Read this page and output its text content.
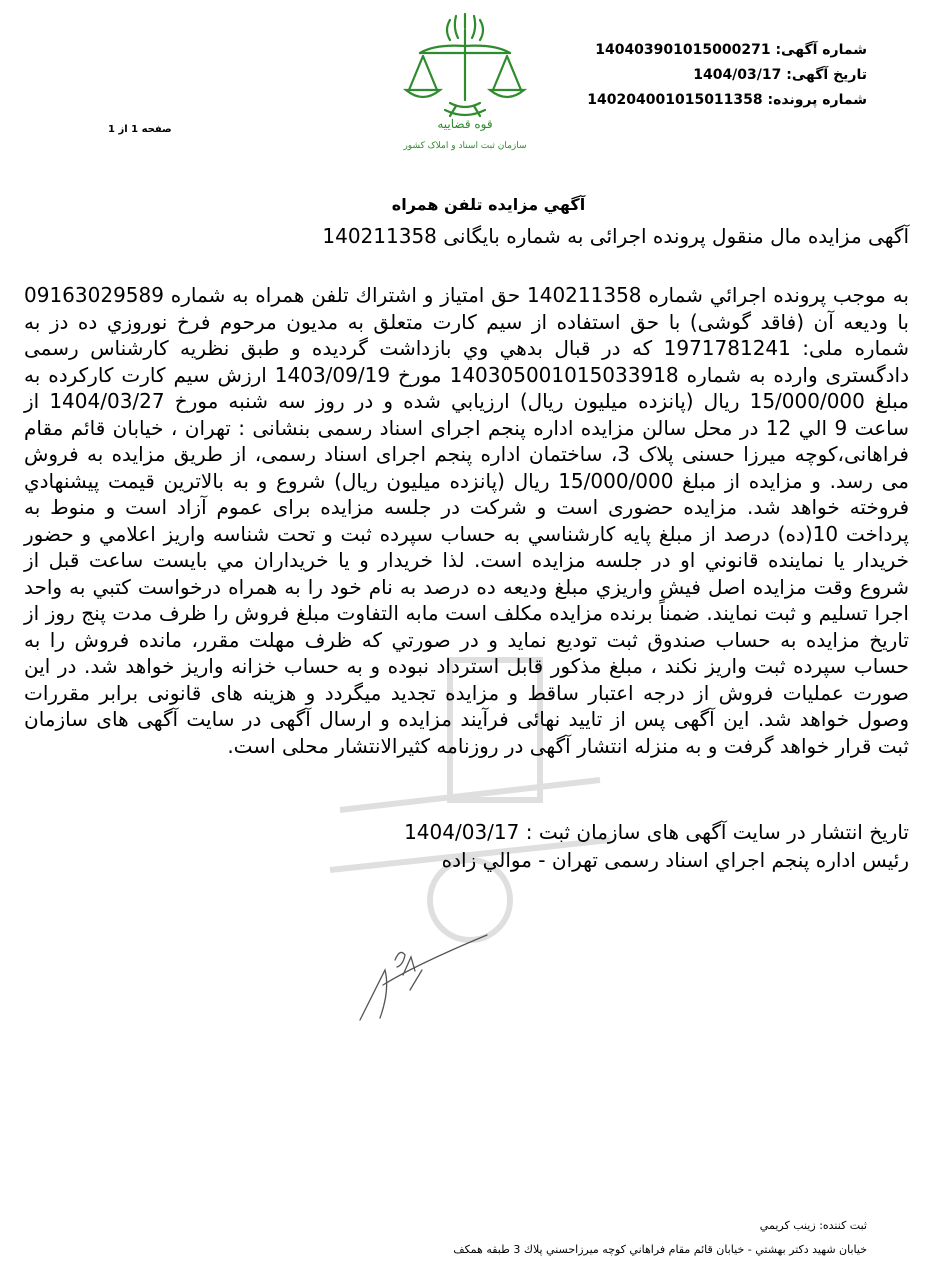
قوه قضاییه
سازمان ثبت اسناد و املاک کشور
شماره آگهی: 14040390101500027‌1
تاریخ آگهی: 1404/03/17
شماره پرونده: 140204001015011358
صفحه 1 از 1
آگهي مزايده تلفن همراه
آگهی مزایده مال منقول پرونده اجرائی به شماره بایگانی 140211358
به موجب پرونده اجرائي شماره 140211358 حق امتياز و اشتراك تلفن همراه به شماره 09163029589 با وديعه آن (فاقد گوشی) با حق استفاده از سیم کارت متعلق به مديون مرحوم فرخ نوروزي ده دز به شماره ملی: 1971781241 كه در قبال بدهي وي بازداشت گرديده و طبق نظريه كارشناس رسمی دادگستری وارده به شماره 140305001015033918 مورخ 1403/09/19 ارزش سیم کارت کارکرده به مبلغ 15/000/000 ريال (پانزده میلیون ریال) ارزيابي شده و در روز سه شنبه مورخ 1404/03/27 از ساعت 9 الي 12 در محل سالن مزايده اداره پنجم اجرای اسناد رسمی بنشانی : تهران ، خیابان قائم مقام فراهانی،کوچه میرزا حسنی پلاک 3، ساختمان اداره پنجم اجرای اسناد رسمی، از طريق مزايده به فروش می رسد. و مزايده از مبلغ 15/000/000 ريال (پانزده میلیون ریال) شروع و به بالاترين قيمت پيشنهادي فروخته خواهد شد. مزایده حضوری است و شرکت در جلسه مزایده برای عموم آزاد است و منوط به پرداخت 10(ده) درصد از مبلغ پايه كارشناسي به حساب سپرده ثبت و تحت شناسه واريز اعلامي و حضور خريدار يا نماينده قانوني او در جلسه مزايده است. لذا خريدار و يا خريداران مي بايست ساعت قبل از شروع وقت مزايده اصل فيش واريزي مبلغ وديعه ده درصد به نام خود را به همراه درخواست كتبي به واحد اجرا تسليم و ثبت نمايند. ضمناً برنده مزايده مكلف است مابه التفاوت مبلغ فروش را ظرف مدت پنج روز از تاريخ مزايده به حساب صندوق ثبت توديع نمايد و در صورتي كه ظرف مهلت مقرر، مانده فروش را به حساب سپرده ثبت واريز نكند ، مبلغ مذكور قابل استرداد نبوده و به حساب خزانه واريز خواهد شد. در اين صورت عمليات فروش از درجه اعتبار ساقط و مزايده تجديد ميگردد و هزينه های قانونی برابر مقررات وصول خواهد شد. این آگهی پس از تایید نهائی فرآیند مزایده و ارسال آگهی در سایت آگهی های سازمان ثبت قرار خواهد گرفت و به منزله انتشار آگهی در روزنامه کثیرالانتشار محلی است.
تاريخ انتشار در سايت آگهی های سازمان ثبت : 1404/03/17
رئيس اداره پنجم اجراي اسناد رسمی تهران - موالي زاده
ثبت کننده: زينب كريمي
خيابان شهيد دكتر بهشتي - خيابان قائم مقام فراهاني كوچه ميرزاحسني پلاك 3 طبقه همكف
